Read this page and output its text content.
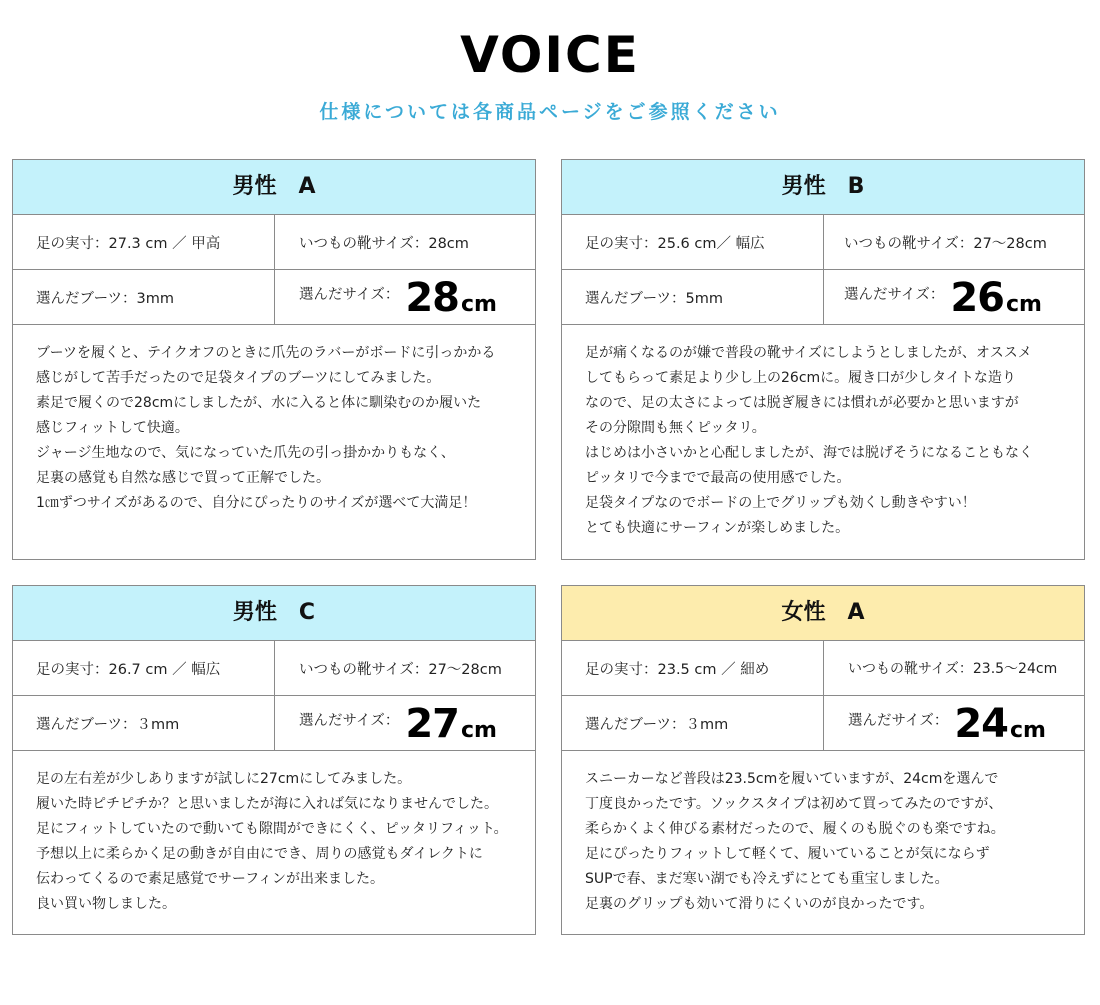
VOICE
仕様については各商品ページをご参照ください
男性　A
足の実寸：27.3 cm ／ 甲高	いつもの靴サイズ：28cm
選んだブーツ：3mm	選んだサイズ： 28 cm
ブーツを履くと、テイクオフのときに爪先のラバーがボードに引っかかる
感じがして苦手だったので足袋タイプのブーツにしてみました。
素足で履くので28cmにしましたが、水に入ると体に馴染むのか履いた
感じフィットして快適。
ジャージ生地なので、気になっていた爪先の引っ掛かかりもなく、
足裏の感覚も自然な感じで買って正解でした。
1㎝ずつサイズがあるので、自分にぴったりのサイズが選べて大満足！
男性　B
足の実寸：25.6 cm／ 幅広	いつもの靴サイズ：27～28cm
選んだブーツ：5mm	選んだサイズ： 26 cm
足が痛くなるのが嫌で普段の靴サイズにしようとしましたが、オススメ
してもらって素足より少し上の26cmに。履き口が少しタイトな造り
なので、足の太さによっては脱ぎ履きには慣れが必要かと思いますが
その分隙間も無くピッタリ。
はじめは小さいかと心配しましたが、海では脱げそうになることもなく
ピッタリで今までで最高の使用感でした。
足袋タイプなのでボードの上でグリップも効くし動きやすい！
とても快適にサーフィンが楽しめました。
男性　C
足の実寸：26.7 cm ／ 幅広	いつもの靴サイズ：27～28cm
選んだブーツ：３mm	選んだサイズ： 27 cm
足の左右差が少しありますが試しに27cmにしてみました。
履いた時ピチピチか？と思いましたが海に入れば気になりませんでした。
足にフィットしていたので動いても隙間ができにくく、ピッタリフィット。
予想以上に柔らかく足の動きが自由にでき、周りの感覚もダイレクトに
伝わってくるので素足感覚でサーフィンが出来ました。
良い買い物しました。
女性　A
足の実寸：23.5 cm ／ 細め	いつもの靴サイズ：23.5～24cm
選んだブーツ：３mm	選んだサイズ： 24 cm
スニーカーなど普段は23.5cmを履いていますが、24cmを選んで
丁度良かったです。ソックスタイプは初めて買ってみたのですが、
柔らかくよく伸びる素材だったので、履くのも脱ぐのも楽ですね。
足にぴったりフィットして軽くて、履いていることが気にならず
SUPで春、まだ寒い湖でも冷えずにとても重宝しました。
足裏のグリップも効いて滑りにくいのが良かったです。
